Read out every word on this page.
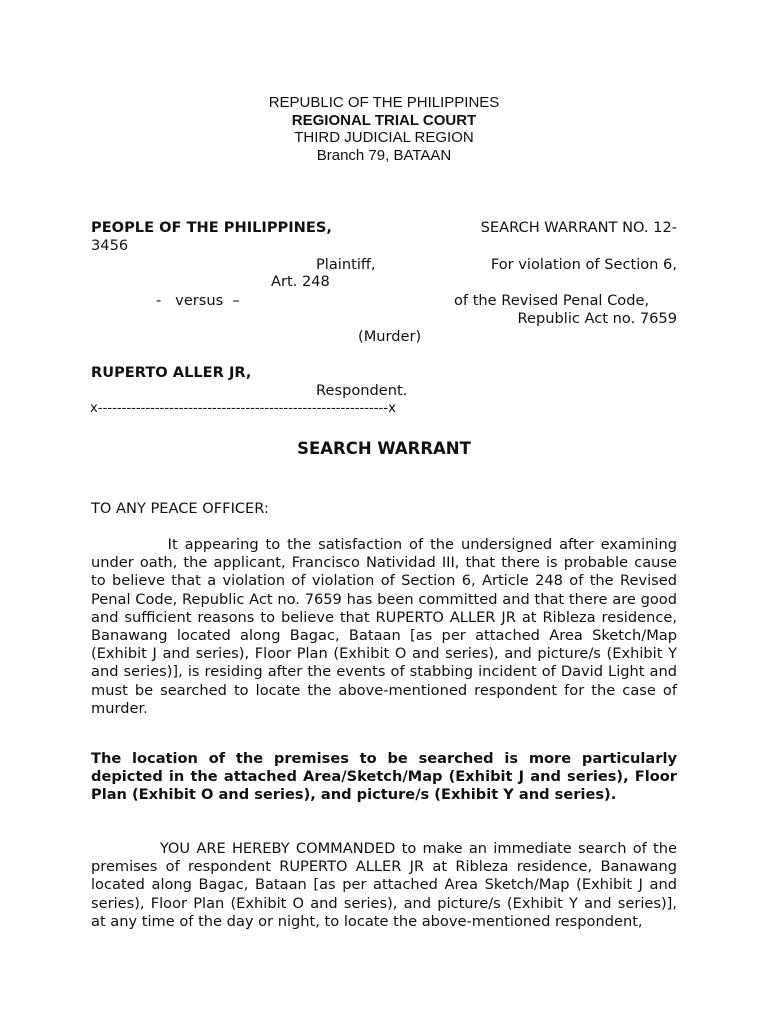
REPUBLIC OF THE PHILIPPINES
REGIONAL TRIAL COURT
THIRD JUDICIAL REGION
Branch 79, BATAAN
PEOPLE OF THE PHILIPPINES,	SEARCH WARRANT NO. 12-
3456
Plaintiff,	For violation of Section 6,
Art. 248
-   versus  –	of the Revised Penal Code,
Republic Act no. 7659
(Murder)
RUPERTO ALLER JR,
Respondent.
x-------------------------------------------------------------x
SEARCH WARRANT
TO ANY PEACE OFFICER:
It appearing to the satisfaction of the undersigned after examining under oath, the applicant, Francisco Natividad III, that there is probable cause to believe that a violation of violation of Section 6, Article 248 of the Revised Penal Code, Republic Act no. 7659 has been committed and that there are good and sufficient reasons to believe that RUPERTO ALLER JR at Ribleza residence, Banawang located along Bagac, Bataan [as per attached Area Sketch/Map (Exhibit J and series), Floor Plan (Exhibit O and series), and picture/s (Exhibit Y and series)], is residing after the events of stabbing incident of David Light and must be searched to locate the above-mentioned respondent for the case of murder.
The location of the premises to be searched is more particularly depicted in the attached Area/Sketch/Map (Exhibit J and series), Floor Plan (Exhibit O and series), and picture/s (Exhibit Y and series).
YOU ARE HEREBY COMMANDED to make an immediate search of the premises of respondent RUPERTO ALLER JR at Ribleza residence, Banawang located along Bagac, Bataan [as per attached Area Sketch/Map (Exhibit J and series), Floor Plan (Exhibit O and series), and picture/s (Exhibit Y and series)], at any time of the day or night, to locate the above-mentioned respondent,
